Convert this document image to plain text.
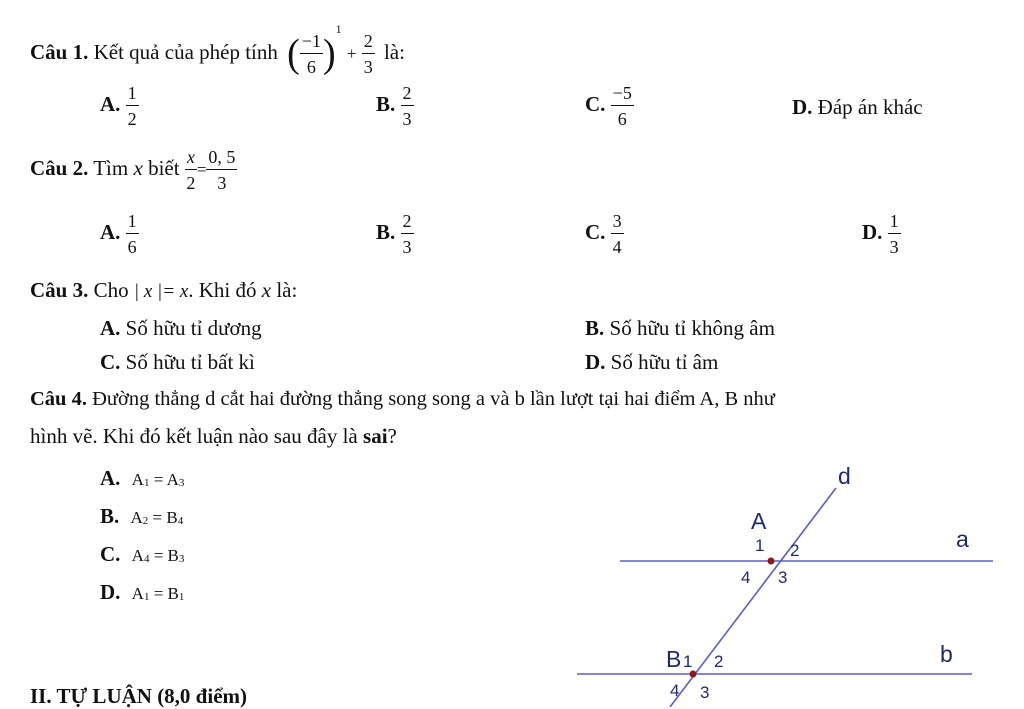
Câu 1. Kết quả của phép tính ( $\frac{-1}{6} )^1 + \frac{2}{3}$ là:
A. $\frac{1}{2}$	B. $\frac{2}{3}$	C. $\frac{-5}{6}$	D. Đáp án khác
Câu 2. Tìm x biết $\frac{x}{2} = \frac{0, 5}{3}$
A. $\frac{1}{6}$	B. $\frac{2}{3}$	C. $\frac{3}{4}$	D. $\frac{1}{3}$
Câu 3. Cho | x |= x. Khi đó x là:
A. Số hữu tỉ dương	B. Số hữu tỉ không âm
C. Số hữu tỉ bất kì	D. Số hữu tỉ âm
Câu 4. Đường thẳng d cắt hai đường thẳng song song a và b lần lượt tại hai điểm A, B như
hình vẽ. Khi đó kết luận nào sau đây là sai?
A. A1 = A3
B. A2 = B4
C. A4 = B3
D. A1 = B1
d
a
b
A
1 2
3
4
B 1 2
3
4
II. TỰ LUẬN (8,0 điểm)
